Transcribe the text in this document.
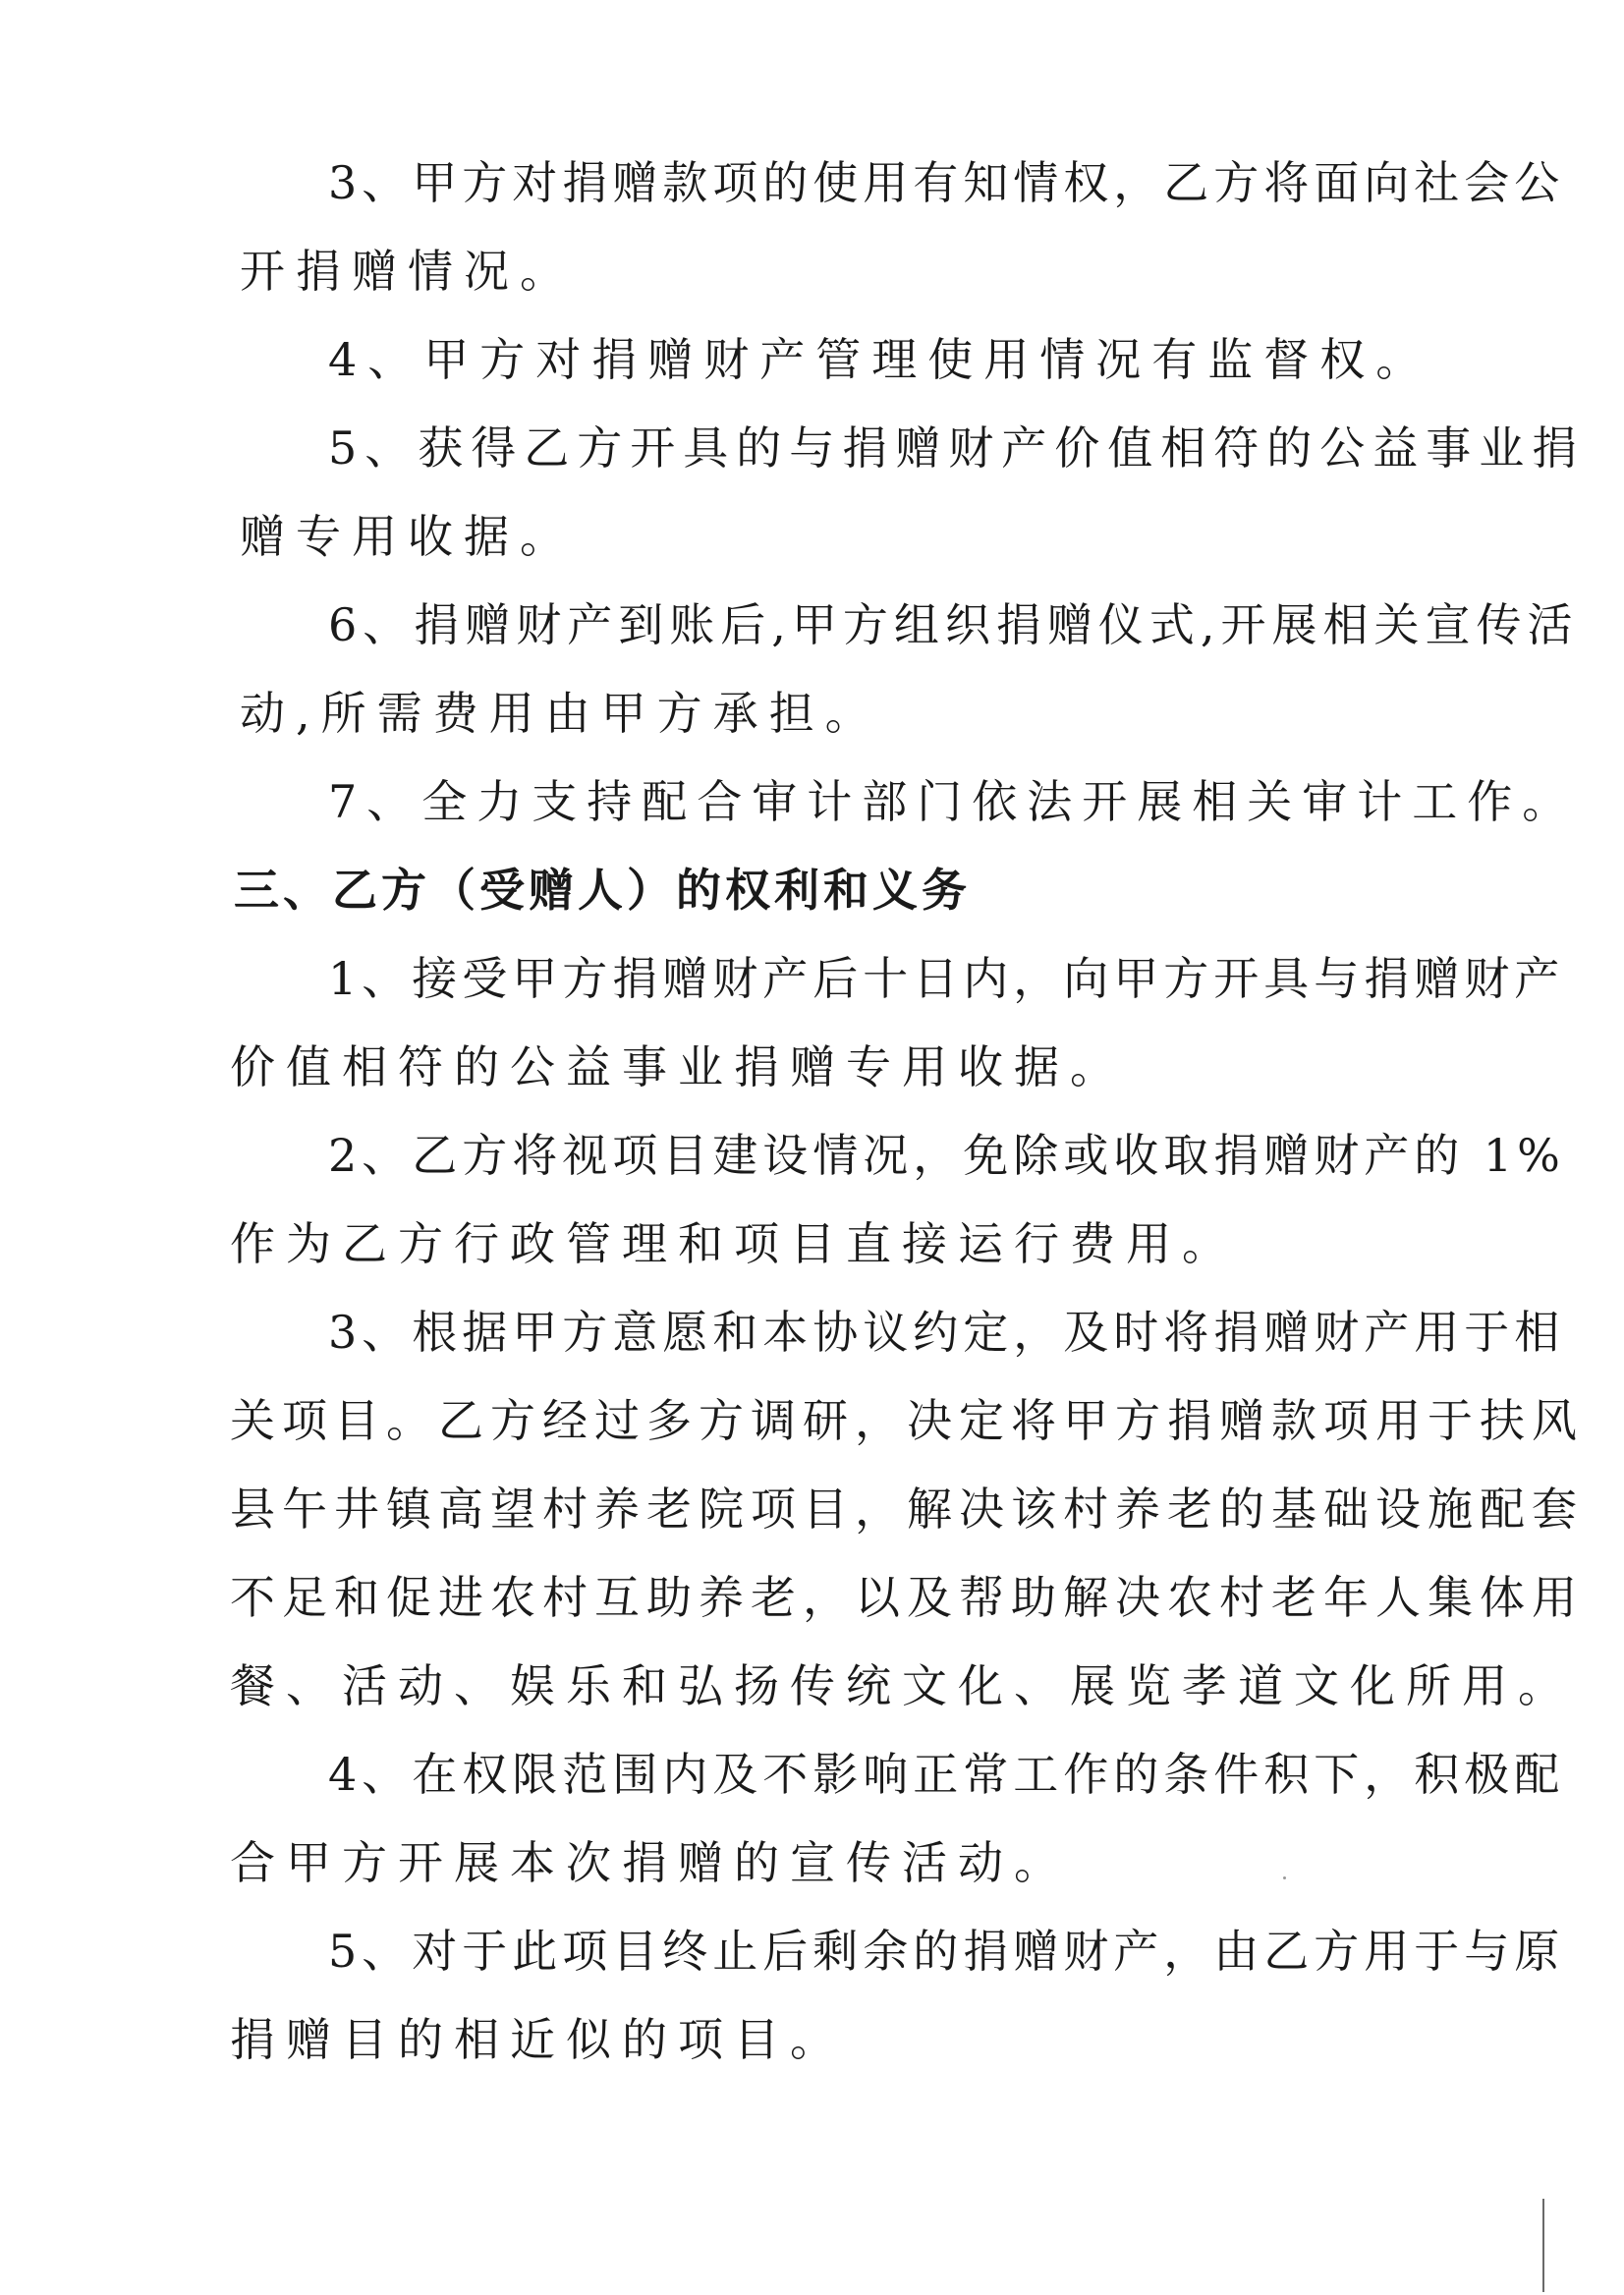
3、甲方对捐赠款项的使用有知情权，乙方将面向社会公
开捐赠情况。
4、甲方对捐赠财产管理使用情况有监督权。
5、获得乙方开具的与捐赠财产价值相符的公益事业捐
赠专用收据。
6、捐赠财产到账后,甲方组织捐赠仪式,开展相关宣传活
动,所需费用由甲方承担。
7、全力支持配合审计部门依法开展相关审计工作。
三、乙方（受赠人）的权利和义务
1、接受甲方捐赠财产后十日内，向甲方开具与捐赠财产
价值相符的公益事业捐赠专用收据。
2、乙方将视项目建设情况，免除或收取捐赠财产的 1%
作为乙方行政管理和项目直接运行费用。
3、根据甲方意愿和本协议约定，及时将捐赠财产用于相
关项目。乙方经过多方调研，决定将甲方捐赠款项用于扶风
县午井镇高望村养老院项目，解决该村养老的基础设施配套
不足和促进农村互助养老，以及帮助解决农村老年人集体用
餐、活动、娱乐和弘扬传统文化、展览孝道文化所用。
4、在权限范围内及不影响正常工作的条件积下，积极配
合甲方开展本次捐赠的宣传活动。
5、对于此项目终止后剩余的捐赠财产，由乙方用于与原
捐赠目的相近似的项目。
